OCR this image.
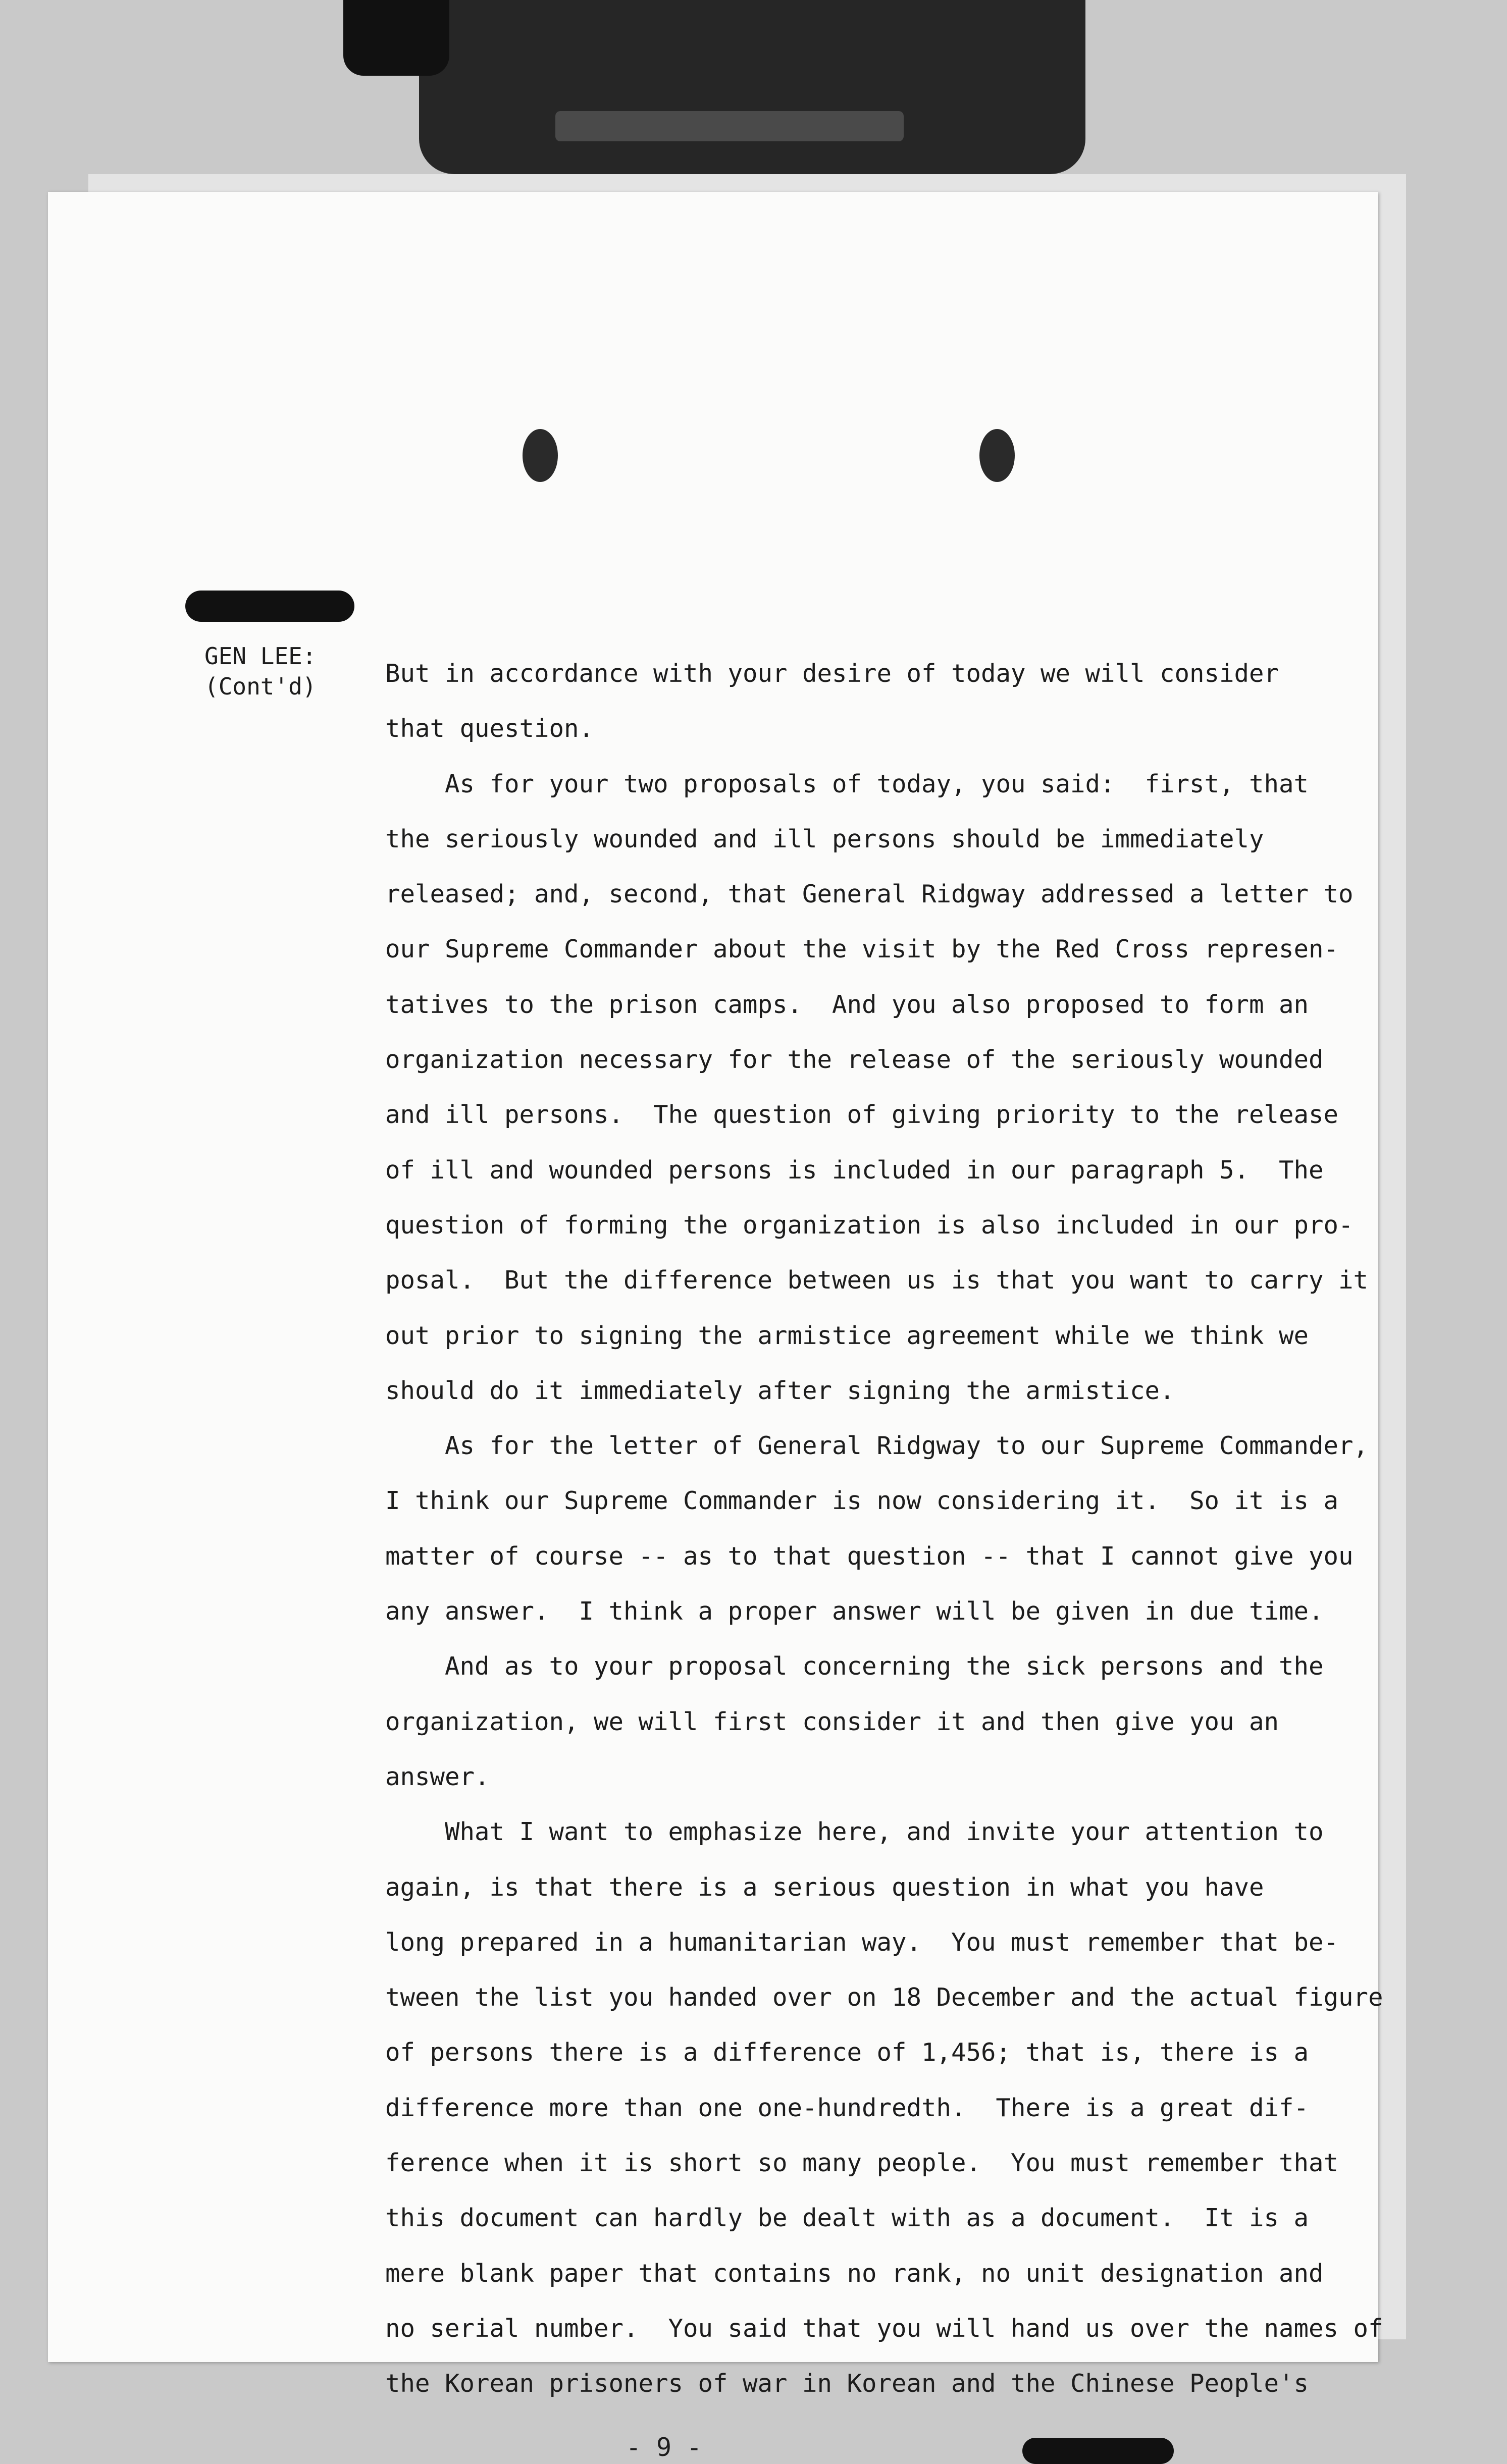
GEN LEE:
(Cont'd)	But in accordance with your desire of today we will consider
that question.
As for your two proposals of today, you said:  first, that
the seriously wounded and ill persons should be immediately
released; and, second, that General Ridgway addressed a letter to
our Supreme Commander about the visit by the Red Cross represen-
tatives to the prison camps.  And you also proposed to form an
organization necessary for the release of the seriously wounded
and ill persons.  The question of giving priority to the release
of ill and wounded persons is included in our paragraph 5.  The
question of forming the organization is also included in our pro-
posal.  But the difference between us is that you want to carry it
out prior to signing the armistice agreement while we think we
should do it immediately after signing the armistice.
As for the letter of General Ridgway to our Supreme Commander,
I think our Supreme Commander is now considering it.  So it is a
matter of course -- as to that question -- that I cannot give you
any answer.  I think a proper answer will be given in due time.
And as to your proposal concerning the sick persons and the
organization, we will first consider it and then give you an
answer.
What I want to emphasize here, and invite your attention to
again, is that there is a serious question in what you have
long prepared in a humanitarian way.  You must remember that be-
tween the list you handed over on 18 December and the actual figure
of persons there is a difference of 1,456; that is, there is a
difference more than one one-hundredth.  There is a great dif-
ference when it is short so many people.  You must remember that
this document can hardly be dealt with as a document.  It is a
mere blank paper that contains no rank, no unit designation and
no serial number.  You said that you will hand us over the names of
the Korean prisoners of war in Korean and the Chinese People's
- 9 -
